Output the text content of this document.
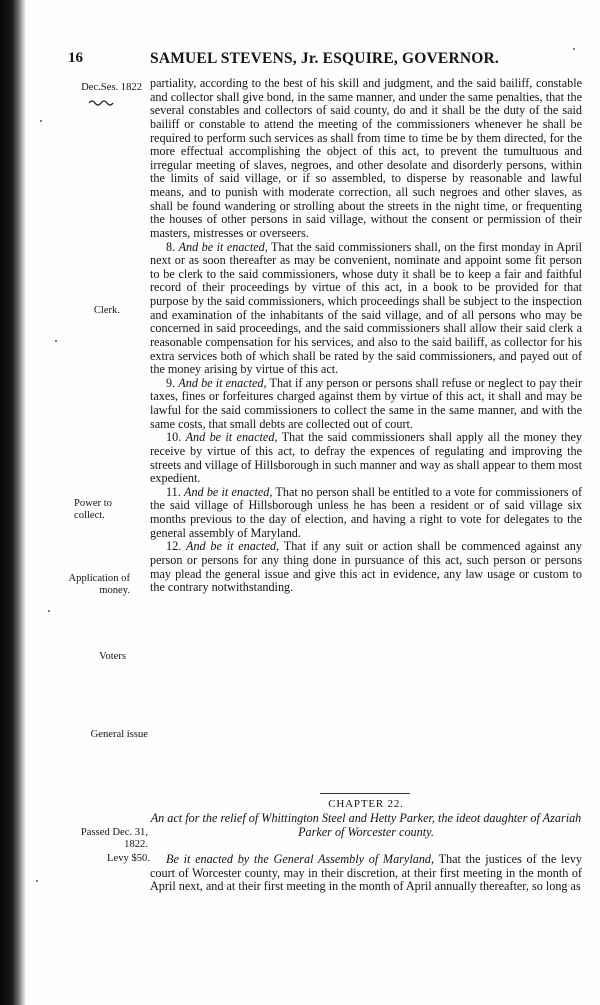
16	SAMUEL STEVENS, Jr. ESQUIRE, GOVERNOR.
Dec.Ses. 1822
Clerk.
Power to collect.
Application of money.
Voters
General issue
Passed Dec. 31, 1822.
Levy $50.

partiality, according to the best of his skill and judgment, and the said bailiff, constable and collector shall give bond, in the same manner, and under the same penalties, that the several constables and collectors of said county, do and it shall be the duty of the said bailiff or constable to attend the meeting of the commissioners whenever he shall be required to perform such services as shall from time to time be by them directed, for the more effectual accomplishing the object of this act, to prevent the tumultuous and irregular meeting of slaves, negroes, and other desolate and disorderly persons, within the limits of said village, or if so assembled, to disperse by reasonable and lawful means, and to punish with moderate correction, all such negroes and other slaves, as shall be found wandering or strolling about the streets in the night time, or frequenting the houses of other persons in said village, without the consent or permission of their masters, mistresses or overseers.

8. And be it enacted, That the said commissioners shall, on the first monday in April next or as soon thereafter as may be convenient, nominate and appoint some fit person to be clerk to the said commissioners, whose duty it shall be to keep a fair and faithful record of their proceedings by virtue of this act, in a book to be provided for that purpose by the said commissioners, which proceedings shall be subject to the inspection and examination of the inhabitants of the said village, and of all persons who may be concerned in said proceedings, and the said commissioners shall allow their said clerk a reasonable compensation for his services, and also to the said bailiff, as collector for his extra services both of which shall be rated by the said commissioners, and payed out of the money arising by virtue of this act.

9. And be it enacted, That if any person or persons shall refuse or neglect to pay their taxes, fines or forfeitures charged against them by virtue of this act, it shall and may be lawful for the said commissioners to collect the same in the same manner, and with the same costs, that small debts are collected out of court.

10. And be it enacted, That the said commissioners shall apply all the money they receive by virtue of this act, to defray the expences of regulating and improving the streets and village of Hillsborough in such manner and way as shall appear to them most expedient.

11. And be it enacted, That no person shall be entitled to a vote for commissioners of the said village of Hillsborough unless he has been a resident or of said village six months previous to the day of election, and having a right to vote for delegates to the general assembly of Maryland.

12. And be it enacted, That if any suit or action shall be commenced against any person or persons for any thing done in pursuance of this act, such person or persons may plead the general issue and give this act in evidence, any law usage or custom to the contrary notwithstanding.

CHAPTER 22.
An act for the relief of Whittington Steel and Hetty Parker, the ideot daughter of Azariah Parker of Worcester county.

Be it enacted by the General Assembly of Maryland, That the justices of the levy court of Worcester county, may in their discretion, at their first meeting in the month of April next, and at their first meeting in the month of April annually thereafter, so long as
